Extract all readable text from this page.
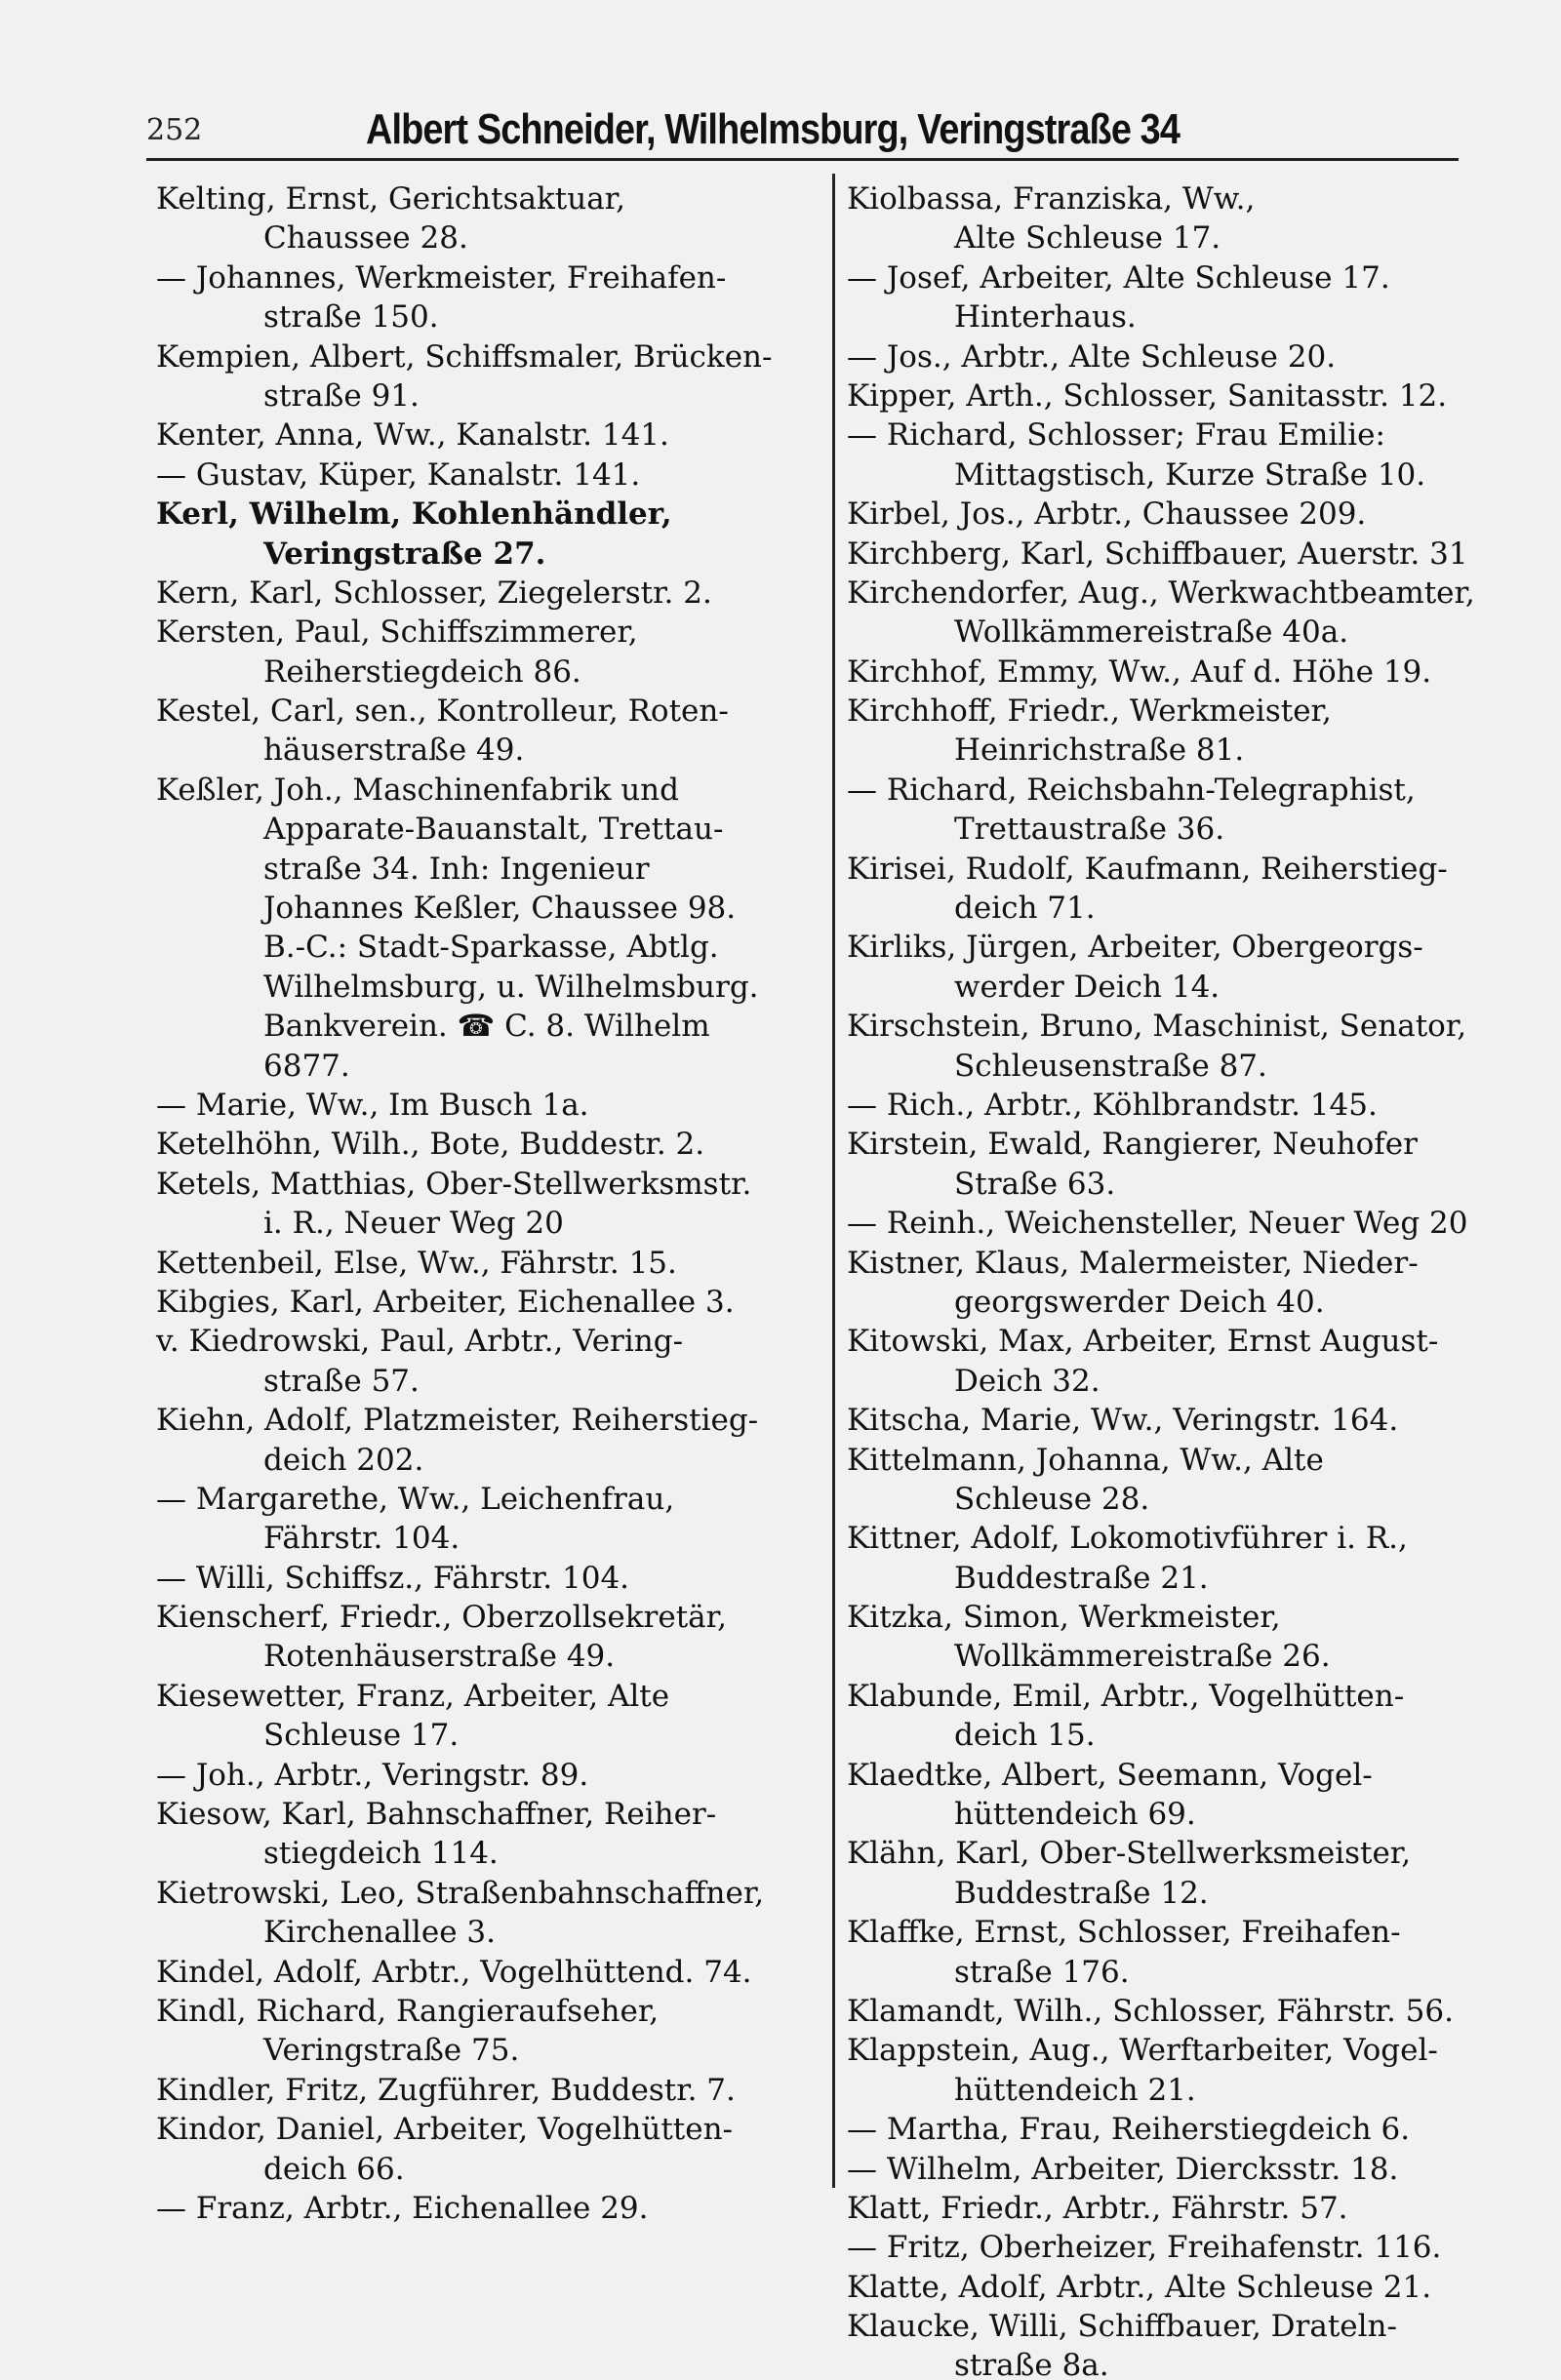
252	Albert Schneider, Wilhelmsburg, Veringstraße 34
Kelting, Ernst, Gerichtsaktuar,
Chaussee 28.
— Johannes, Werkmeister, Freihafen-
straße 150.
Kempien, Albert, Schiffsmaler, Brücken-
straße 91.
Kenter, Anna, Ww., Kanalstr. 141.
— Gustav, Küper, Kanalstr. 141.
Kerl, Wilhelm, Kohlenhändler,
Veringstraße 27.
Kern, Karl, Schlosser, Ziegelerstr. 2.
Kersten, Paul, Schiffszimmerer,
Reiherstiegdeich 86.
Kestel, Carl, sen., Kontrolleur, Roten-
häuserstraße 49.
Keßler, Joh., Maschinenfabrik und
Apparate-Bauanstalt, Trettau-
straße 34. Inh: Ingenieur
Johannes Keßler, Chaussee 98.
B.-C.: Stadt-Sparkasse, Abtlg.
Wilhelmsburg, u. Wilhelmsburg.
Bankverein. ☎ C. 8. Wilhelm
6877.
— Marie, Ww., Im Busch 1a.
Ketelhöhn, Wilh., Bote, Buddestr. 2.
Ketels, Matthias, Ober-Stellwerksmstr.
i. R., Neuer Weg 20
Kettenbeil, Else, Ww., Fährstr. 15.
Kibgies, Karl, Arbeiter, Eichenallee 3.
v. Kiedrowski, Paul, Arbtr., Vering-
straße 57.
Kiehn, Adolf, Platzmeister, Reiherstieg-
deich 202.
— Margarethe, Ww., Leichenfrau,
Fährstr. 104.
— Willi, Schiffsz., Fährstr. 104.
Kienscherf, Friedr., Oberzollsekretär,
Rotenhäuserstraße 49.
Kiesewetter, Franz, Arbeiter, Alte
Schleuse 17.
— Joh., Arbtr., Veringstr. 89.
Kiesow, Karl, Bahnschaffner, Reiher-
stiegdeich 114.
Kietrowski, Leo, Straßenbahnschaffner,
Kirchenallee 3.
Kindel, Adolf, Arbtr., Vogelhüttend. 74.
Kindl, Richard, Rangieraufseher,
Veringstraße 75.
Kindler, Fritz, Zugführer, Buddestr. 7.
Kindor, Daniel, Arbeiter, Vogelhütten-
deich 66.
— Franz, Arbtr., Eichenallee 29.
Kiolbassa, Franziska, Ww.,
Alte Schleuse 17.
— Josef, Arbeiter, Alte Schleuse 17.
Hinterhaus.
— Jos., Arbtr., Alte Schleuse 20.
Kipper, Arth., Schlosser, Sanitasstr. 12.
— Richard, Schlosser; Frau Emilie:
Mittagstisch, Kurze Straße 10.
Kirbel, Jos., Arbtr., Chaussee 209.
Kirchberg, Karl, Schiffbauer, Auerstr. 31
Kirchendorfer, Aug., Werkwachtbeamter,
Wollkämmereistraße 40a.
Kirchhof, Emmy, Ww., Auf d. Höhe 19.
Kirchhoff, Friedr., Werkmeister,
Heinrichstraße 81.
— Richard, Reichsbahn-Telegraphist,
Trettaustraße 36.
Kirisei, Rudolf, Kaufmann, Reiherstieg-
deich 71.
Kirliks, Jürgen, Arbeiter, Obergeorgs-
werder Deich 14.
Kirschstein, Bruno, Maschinist, Senator,
Schleusenstraße 87.
— Rich., Arbtr., Köhlbrandstr. 145.
Kirstein, Ewald, Rangierer, Neuhofer
Straße 63.
— Reinh., Weichensteller, Neuer Weg 20
Kistner, Klaus, Malermeister, Nieder-
georgswerder Deich 40.
Kitowski, Max, Arbeiter, Ernst August-
Deich 32.
Kitscha, Marie, Ww., Veringstr. 164.
Kittelmann, Johanna, Ww., Alte
Schleuse 28.
Kittner, Adolf, Lokomotivführer i. R.,
Buddestraße 21.
Kitzka, Simon, Werkmeister,
Wollkämmereistraße 26.
Klabunde, Emil, Arbtr., Vogelhütten-
deich 15.
Klaedtke, Albert, Seemann, Vogel-
hüttendeich 69.
Klähn, Karl, Ober-Stellwerksmeister,
Buddestraße 12.
Klaffke, Ernst, Schlosser, Freihafen-
straße 176.
Klamandt, Wilh., Schlosser, Fährstr. 56.
Klappstein, Aug., Werftarbeiter, Vogel-
hüttendeich 21.
— Martha, Frau, Reiherstiegdeich 6.
— Wilhelm, Arbeiter, Diercksstr. 18.
Klatt, Friedr., Arbtr., Fährstr. 57.
— Fritz, Oberheizer, Freihafenstr. 116.
Klatte, Adolf, Arbtr., Alte Schleuse 21.
Klaucke, Willi, Schiffbauer, Drateln-
straße 8a.
